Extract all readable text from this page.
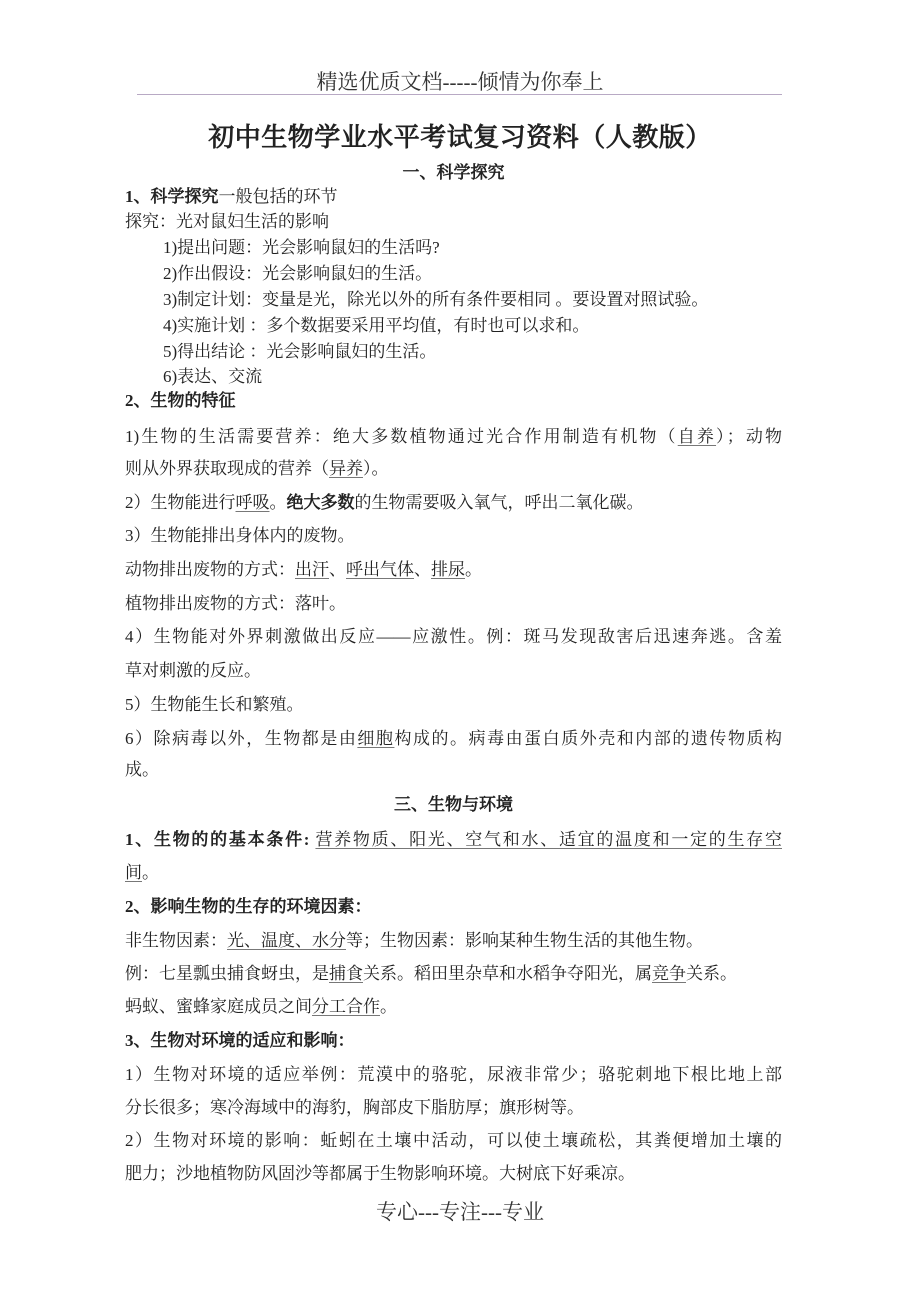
精选优质文档-----倾情为你奉上
初中生物学业水平考试复习资料（人教版）
一、科学探究
1、科学探究一般包括的环节
探究：光对鼠妇生活的影响
1)提出问题：光会影响鼠妇的生活吗?
2)作出假设：光会影响鼠妇的生活。
3)制定计划：变量是光，除光以外的所有条件要相同 。要设置对照试验。
4)实施计划 ：多个数据要采用平均值，有时也可以求和。
5)得出结论 ：光会影响鼠妇的生活。
6)表达、交流
2、生物的特征
1)生物的生活需要营养：绝大多数植物通过光合作用制造有机物（自养）；动物
则从外界获取现成的营养（异养）。
2）生物能进行呼吸。绝大多数的生物需要吸入氧气，呼出二氧化碳。
3）生物能排出身体内的废物。
动物排出废物的方式：出汗、呼出气体、排尿。
植物排出废物的方式：落叶。
4）生物能对外界刺激做出反应——应激性。例：斑马发现敌害后迅速奔逃。含羞
草对刺激的反应。
5）生物能生长和繁殖。
6）除病毒以外，生物都是由细胞构成的。病毒由蛋白质外壳和内部的遗传物质构
成。
三、生物与环境
1、生物的的基本条件: 营养物质、阳光、空气和水、适宜的温度和一定的生存空
间。
2、影响生物的生存的环境因素：
非生物因素：光、温度、水分等；生物因素：影响某种生物生活的其他生物。
例：七星瓢虫捕食蚜虫，是捕食关系。稻田里杂草和水稻争夺阳光，属竞争关系。
蚂蚁、蜜蜂家庭成员之间分工合作。
3、生物对环境的适应和影响：
1）生物对环境的适应举例：荒漠中的骆驼，尿液非常少；骆驼刺地下根比地上部
分长很多；寒冷海域中的海豹，胸部皮下脂肪厚；旗形树等。
2）生物对环境的影响：蚯蚓在土壤中活动，可以使土壤疏松，其粪便增加土壤的
肥力；沙地植物防风固沙等都属于生物影响环境。大树底下好乘凉。
专心---专注---专业
